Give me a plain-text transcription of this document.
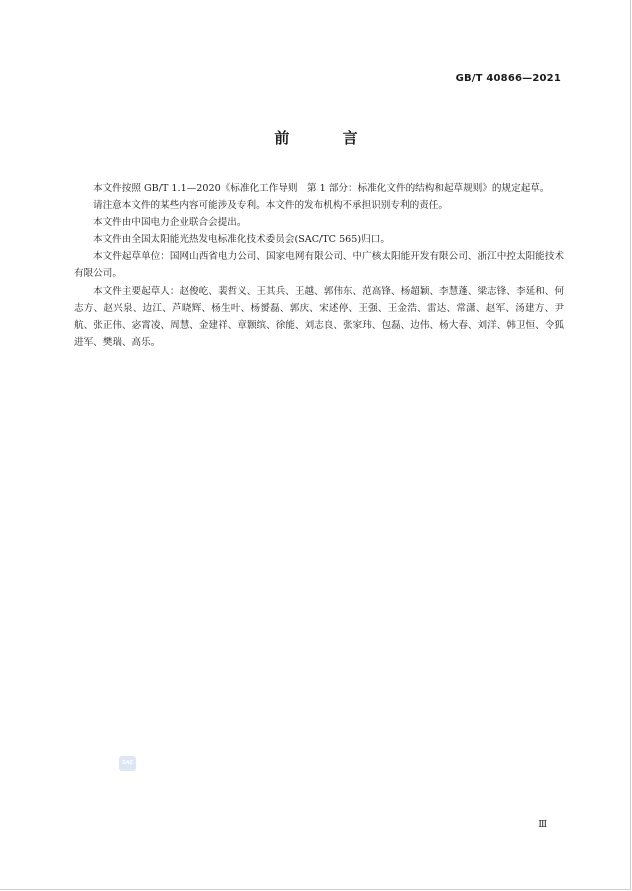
GB/T 40866—2021
前 言

本文件按照 GB/T 1.1—2020《标准化工作导则　第 1 部分：标准化文件的结构和起草规则》的规定起草。

请注意本文件的某些内容可能涉及专利。本文件的发布机构不承担识别专利的责任。

本文件由中国电力企业联合会提出。

本文件由全国太阳能光热发电标准化技术委员会(SAC/TC 565)归口。

本文件起草单位：国网山西省电力公司、国家电网有限公司、中广核太阳能开发有限公司、浙江中控太阳能技术有限公司。

本文件主要起草人：赵俊屹、裴哲义、王其兵、王越、郭伟东、范高锋、杨超颖、李慧蓬、梁志锋、李延和、何志方、赵兴泉、边江、芦晓辉、杨生叶、杨赟磊、郭庆、宋述停、王强、王金浩、雷达、常潇、赵军、汤建方、尹航、张正伟、宓霄凌、周慧、金建祥、章颢缤、徐能、刘志良、张家玮、包磊、边伟、杨大春、刘洋、韩卫恒、令狐进军、樊瑞、高乐。

SAC
Ⅲ
